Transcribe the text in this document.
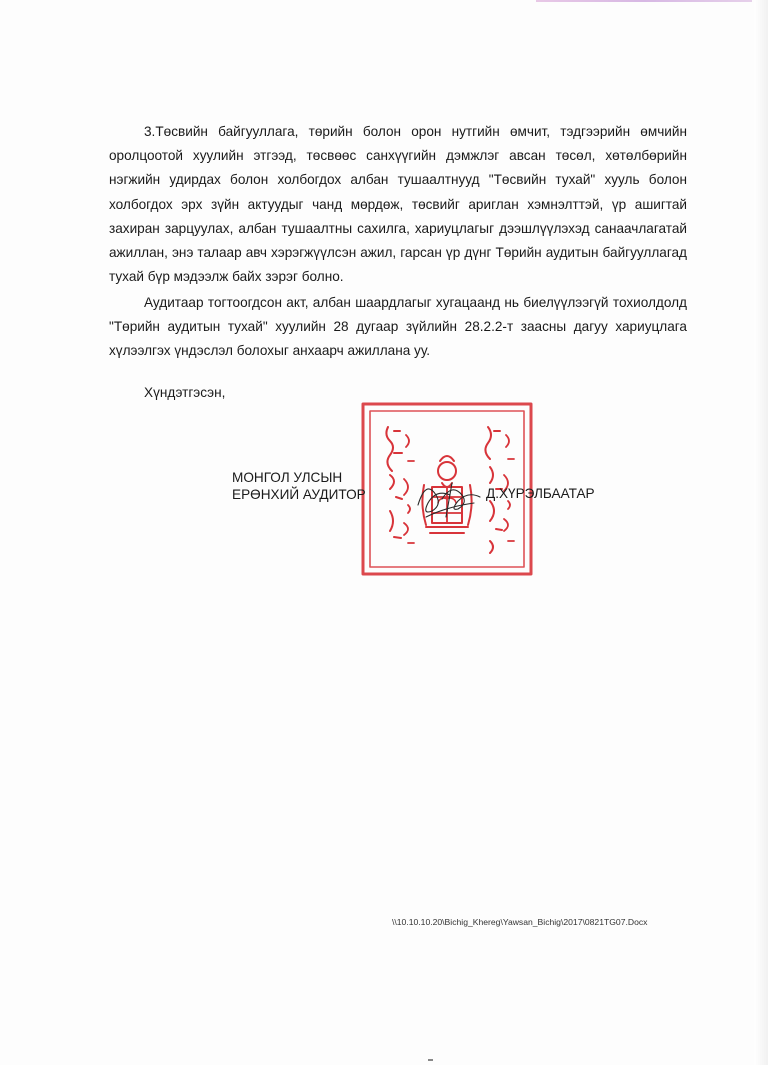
3.Төсвийн байгууллага, төрийн болон орон нутгийн өмчит, тэдгээрийн өмчийн оролцоотой хуулийн этгээд, төсвөөс санхүүгийн дэмжлэг авсан төсөл, хөтөлбөрийн нэгжийн удирдах болон холбогдох албан тушаалтнууд "Төсвийн тухай" хууль болон холбогдох эрх зүйн актуудыг чанд мөрдөж, төсвийг ариглан хэмнэлттэй, үр ашигтай захиран зарцуулах, албан тушаалтны сахилга, хариуцлагыг дээшлүүлэхэд санаачлагатай ажиллан, энэ талаар авч хэрэгжүүлсэн ажил, гарсан үр дүнг Төрийн аудитын байгууллагад тухай бүр мэдээлж байх зэрэг болно.

Аудитаар тогтоогдсон акт, албан шаардлагыг хугацаанд нь биелүүлээгүй тохиолдолд "Төрийн аудитын тухай" хуулийн 28 дугаар зүйлийн 28.2.2-т заасны дагуу хариуцлага хүлээлгэх үндэслэл болохыг анхаарч ажиллана уу.

Хүндэтгэсэн,

МОНГОЛ УЛСЫН
ЕРӨНХИЙ АУДИТОР	Д.ХҮРЭЛБААТАР
\\10.10.10.20\Bichig_Khereg\Yawsan_Bichig\2017\0821TG07.Docx
